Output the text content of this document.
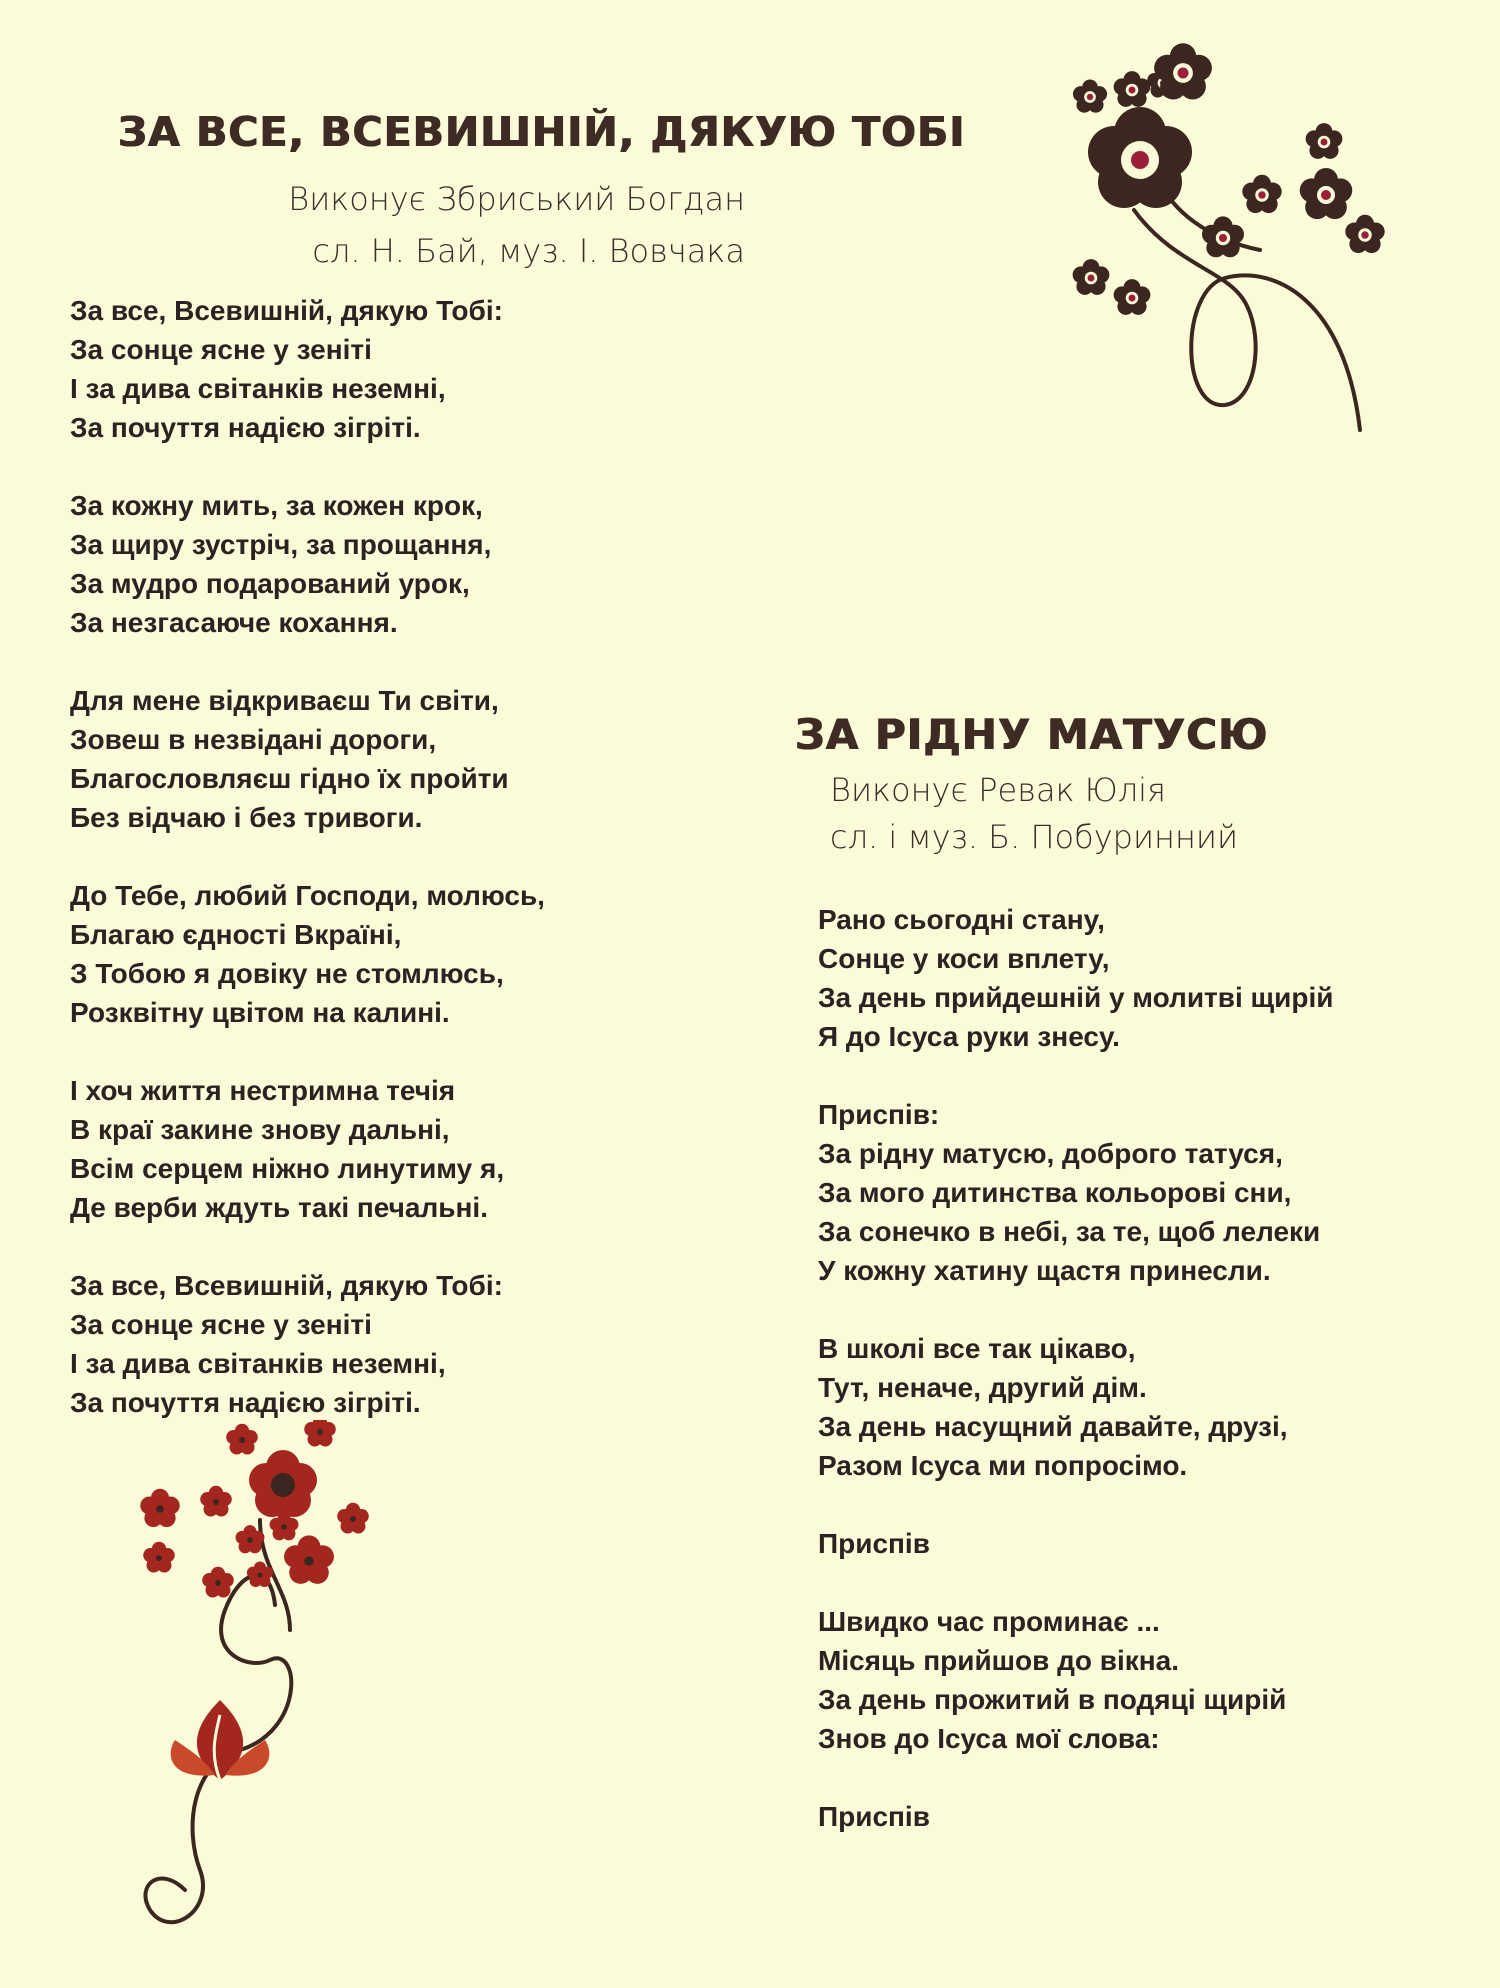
ЗА ВСЕ, ВСЕВИШНІЙ, ДЯКУЮ ТОБІ

Виконує Збриський Богдан

сл. Н. Бай, муз. І. Вовчака

За все, Всевишній, дякую Тобі:
За сонце ясне у зеніті
І за дива світанків неземні,
За почуття надією зігріті.

За кожну мить, за кожен крок,
За щиру зустріч, за прощання,
За мудро подарований урок,
За незгасаюче кохання.

Для мене відкриваєш Ти світи,
Зовеш в незвідані дороги,
Благословляєш гідно їх пройти
Без відчаю і без тривоги.

До Тебе, любий Господи, молюсь,
Благаю єдності Вкраїні,
З Тобою я довіку не стомлюсь,
Розквітну цвітом на калині.

І хоч життя нестримна течія
В краї закине знову дальні,
Всім серцем ніжно линутиму я,
Де верби ждуть такі печальні.

За все, Всевишній, дякую Тобі:
За сонце ясне у зеніті
І за дива світанків неземні,
За почуття надією зігріті.

ЗА РІДНУ МАТУСЮ

Виконує Ревак Юлія

сл. і муз. Б. Побуринний

Рано сьогодні стану,
Сонце у коси вплету,
За день прийдешній у молитві щирій
Я до Ісуса руки знесу.

Приспів:
За рідну матусю, доброго татуся,
За мого дитинства кольорові сни,
За сонечко в небі, за те, щоб лелеки
У кожну хатину щастя принесли.

В школі все так цікаво,
Тут, неначе, другий дім.
За день насущний давайте, друзі,
Разом Ісуса ми попросімо.

Приспів

Швидко час проминає ...
Місяць прийшов до вікна.
За день прожитий в подяці щирій
Знов до Ісуса мої слова:

Приспів
